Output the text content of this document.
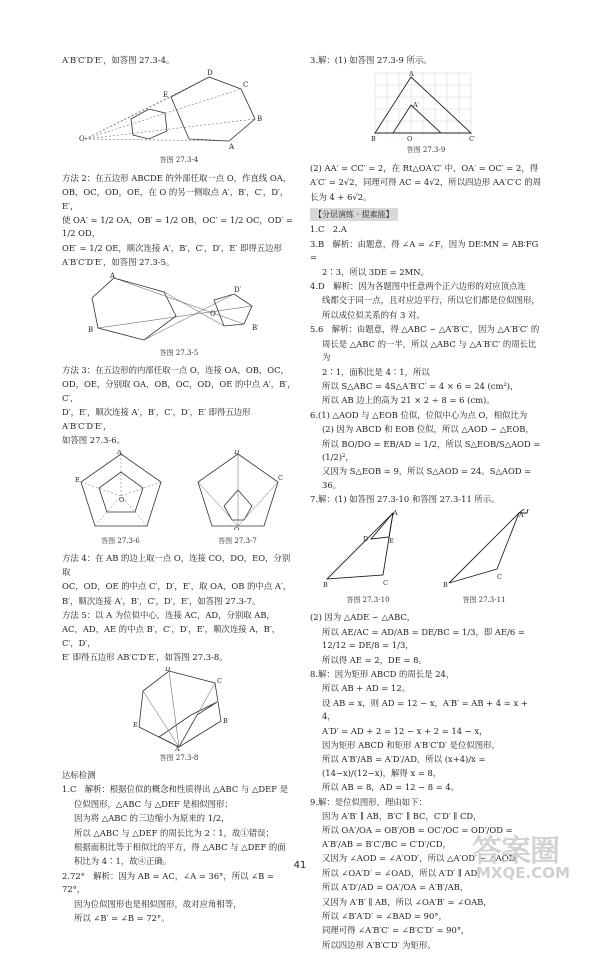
A′B′C′D′E′，如答图 27.3-4。

O
D
C
B
A
E
答图 27.3-4

方法 2：在五边形 ABCDE 的外部任取一点 O，作直线 OA，

OB，OC，OD，OE，在 O 的另一侧取点 A′，B′，C′，D′，E′，

使 OA′ = 1/2 OA，OB′ = 1/2 OB，OC′ = 1/2 OC，OD′ = 1/2 OD，

OE′ = 1/2 OE，顺次连接 A′，B′，C′，D′，E′ 即得五边形

A′B′C′D′E′，如答图 27.3-5。

A
O
B′
D′
B
答图 27.3-5

方法 3：在五边形的内部任取一点 O，连接 OA，OB，OC，

OD，OE，分别取 OA，OB，OC，OD，OE 的中点 A′，B′，C′，

D′，E′，顺次连接 A′，B′，C′，D′，E′ 即得五边形 A′B′C′D′E′，

如答图 27.3-6。

A
O
E
答图 27.3-6
D
C
O
答图 27.3-7

方法 4：在 AB 的边上取一点 O，连接 CO，DO，EO，分别取

OC，OD，OE 的中点 C′，D′，E′，取 OA，OB 的中点 A′，

B′，顺次连接 A′，B′，C′，D′，E′，如答图 27.3-7。

方法 5：以 A 为位似中心，连接 AC，AD，分别取 AB，

AC，AD，AE 的中点 B′，C′，D′，E′，顺次连接 A，B′，C′，D′，

E′ 即得五边形 AB′C′D′E′，如答图 27.3-8。

D
C
B
A
E
答图 27.3-8
达标检测

1.C　解析：根据位似的概念和性质得出 △ABC 与 △DEF 是

位似图形，△ABC 与 △DEF 是相似图形；

因为将 △ABC 的三边缩小为原来的 1/2，

所以 △ABC 与 △DEF 的周长比为 2∶1，故①错误；

根据面积比等于相似比的平方，得 △ABC 与 △DEF 的面

积比为 4∶1，故④正确。

2.72°　解析：因为 AB = AC，∠A = 36°，所以 ∠B = 72°，

因为位似图形也是相似图形，故对应角相等，

所以 ∠B′ = ∠B = 72°。

3.解：(1) 如答图 27.3-9 所示。

A
B	O	C′
A′
答图 27.3-9

(2) AA′ = CC′ = 2，在 Rt△OA′C′ 中，OA′ = OC′ = 2，得

A′C′ = 2√2，同理可得 AC = 4√2，所以四边形 AA′C′C 的周

长为 4 + 6√2。

【分层演练 · 提素能】

1.C　2.A

3.B　解析：由题意，得 ∠A = ∠F，因为 DE∶MN = AB∶FG =

2∶3，所以 3DE = 2MN。

4.D　解析：因为各题图中任意两个正六边形的对应顶点连

线都交于同一点，且对应边平行，所以它们都是位似图形，

所以成位似关系的有 3 对。

5.6　解析：由题意，得 △ABC ∽ △A′B′C′，因为 △A′B′C′ 的

周长是 △ABC 的一半，所以 △ABC 与 △A′B′C′ 的周长比为

2∶1，面积比是 4∶1，所以

所以 S△ABC = 4S△A′B′C′ = 4 × 6 = 24 (cm²)，

所以 AB 边上的高为 21 × 2 ÷ 8 = 6 (cm)。

6.(1) △AOD 与 △EOB 位似，位似中心为点 O，相似比为

(2) 因为 ABCD 和 EOB 位似，所以 △AOD ∽ △EOB，

所以 BO/DO = EB/AD = 1/2，所以 S△EOB/S△AOD = (1/2)²，

又因为 S△EOB = 9，所以 S△AOD = 24。S△AOD = 36。

7.解：(1) 如答图 27.3-10 和答图 27.3-11 所示。

A
B	C
D	E
答图 27.3-10
A
B
C
答图 27.3-11

(2) 因为 △ADE ∽ △ABC，

所以 AE/AC = AD/AB = DE/BC = 1/3，即 AE/6 = 12/12 = DE/8 = 1/3，

所以得 AE = 2，DE = 8。

8.解：因为矩形 ABCD 的周长是 24，

所以 AB + AD = 12。

设 AB = x，则 AD = 12 − x，A′B′ = AB + 4 = x + 4，

A′D′ = AD + 2 = 12 − x + 2 = 14 − x，

因为矩形 ABCD 和矩形 A′B′C′D′ 是位似图形，

所以 A′B′/AB = A′D′/AD，所以 (x+4)/x = (14−x)/(12−x)，解得 x = 8，

所以 AB = 8，AD = 12 − 8 = 4。

9.解：是位似图形，理由如下：

因为 A′B′ ∥ AB，B′C′ ∥ BC，C′D′ ∥ CD，

所以 OA′/OA = OB′/OB = OC′/OC = OD′/OD = A′B′/AB = B′C′/BC = C′D′/CD，

又因为 ∠AOD = ∠A′OD′，所以 △A′OD′ ∽ △AOD，

所以 ∠OA′D′ = ∠OAD，所以 A′D′ ∥ AD，

所以 A′D′/AD = OA′/OA = A′B′/AB，

又因为 A′B′ ∥ AB，所以 ∠OA′B′ = ∠OAB，

所以 ∠B′A′D′ = ∠BAD = 90°，

同理可得 ∠A′B′C′ = ∠B′C′D′ = 90°，

所以四边形 A′B′C′D′ 为矩形。

41	答案圈
MXQE.COM
